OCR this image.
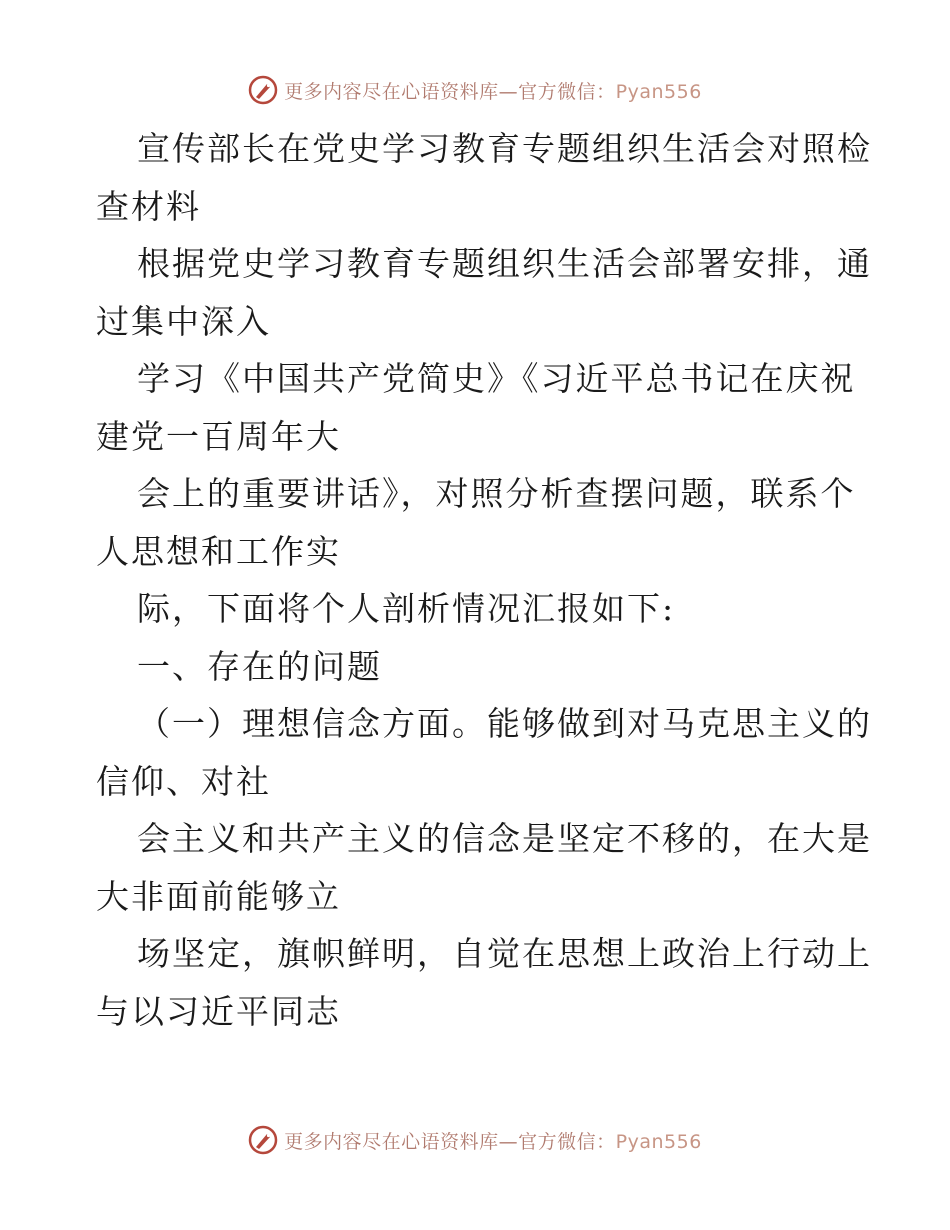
更多内容尽在心语资料库—官方微信：Pyan556
宣传部长在党史学习教育专题组织生活会对照检
查材料
根据党史学习教育专题组织生活会部署安排，通
过集中深入
学习《中国共产党简史》《习近平总书记在庆祝
建党一百周年大
会上的重要讲话》，对照分析查摆问题，联系个
人思想和工作实
际，下面将个人剖析情况汇报如下:
一、存在的问题
（一）理想信念方面。能够做到对马克思主义的
信仰、对社
会主义和共产主义的信念是坚定不移的，在大是
大非面前能够立
场坚定，旗帜鲜明，自觉在思想上政治上行动上
与以习近平同志
更多内容尽在心语资料库—官方微信：Pyan556
